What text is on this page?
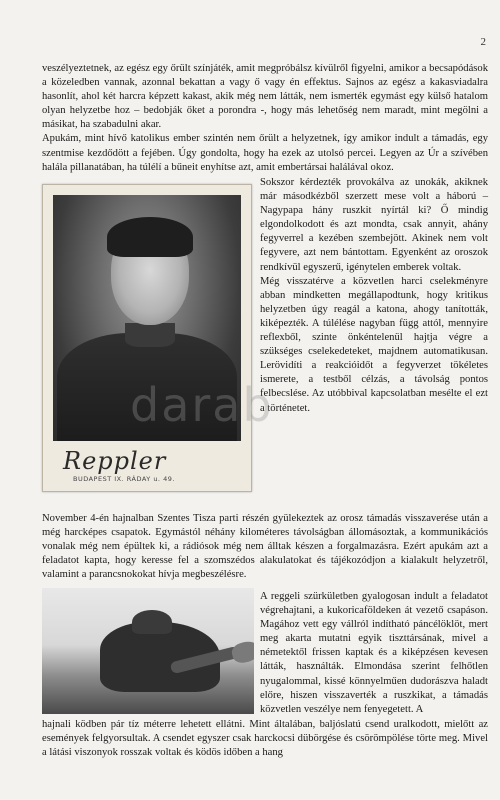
2

veszélyeztetnek, az egész egy őrült színjáték, amit megpróbálsz kívülről figyelni, amikor a becsapódások a közeledben vannak, azonnal bekattan a vagy ő vagy én effektus. Sajnos az egész a kakasviadalra hasonlít, ahol két harcra képzett kakast, akik még nem látták, nem ismerték egymást egy külső hatalom olyan helyzetbe hoz – bedobják őket a porondra -, hogy más lehetőség nem maradt, mint megölni a másikat, ha szabadulni akar.

Apukám, mint hívő katolikus ember szintén nem őrült a helyzetnek, így amikor indult a támadás, egy szentmise kezdődött a fejében. Úgy gondolta, hogy ha ezek az utolsó percei. Legyen az Úr a szívében halála pillanatában, ha túlélí a bűneit enyhítse azt, amit embertársai halálával okoz.

Reppler
BUDAPEST IX. RÁDAY u. 49.

Sokszor kérdezték provokálva az unokák, akiknek már másodkézből szerzett mese volt a háború – Nagypapa hány ruszkit nyírtál ki? Ő mindig elgondolkodott és azt mondta, csak annyit, ahány fegyverrel a kezében szembejött. Akinek nem volt fegyvere, azt nem bántottam. Egyenként az oroszok rendkívül egyszerű, igénytelen emberek voltak.

Még visszatérve a közvetlen harci cselekményre abban mindketten megállapodtunk, hogy kritikus helyzetben úgy reagál a katona, ahogy tanították, kiképezték. A túlélése nagyban függ attól, mennyire reflexből, szinte önkéntelenül hajtja végre a szükséges cselekedeteket, majdnem automatikusan. Lerövidíti a reakcióidőt a fegyverzet tökéletes ismerete, a testből célzás, a távolság pontos felbecslése. Az utóbbival kapcsolatban mesélte el ezt a történetet.

November 4-én hajnalban Szentes Tisza parti részén gyülekeztek az orosz támadás visszaverése után a még harcképes csapatok. Egymástól néhány kilométeres távolságban állomásoztak, a kommunikációs vonalak még nem épültek ki, a rádiósok még nem álltak készen a forgalmazásra. Ezért apukám azt a feladatot kapta, hogy keresse fel a szomszédos alakulatokat és tájékozódjon a kialakult helyzetről, valamint a parancsnokokat hívja megbeszélésre.

A reggeli szürkületben gyalogosan indult a feladatot végrehajtani, a kukoricaföldeken át vezető csapáson. Magához vett egy vállról indítható páncélöklöt, mert meg akarta mutatni egyik tiszttársának, mivel a németektől frissen kaptak és a kiképzésen kevesen látták, használták. Elmondása szerint felhőtlen nyugalommal, kissé könnyelműen dudorászva haladt előre, hiszen visszaverték a ruszkikat, a támadás közvetlen veszélye nem fenyegetett. A

hajnali ködben pár tíz méterre lehetett ellátni. Mint általában, baljóslatú csend uralkodott, mielőtt az események felgyorsultak. A csendet egyszer csak harckocsi dübörgése és csörömpölése törte meg. Mivel a látási viszonyok rosszak voltak és ködös időben a hang

darab
